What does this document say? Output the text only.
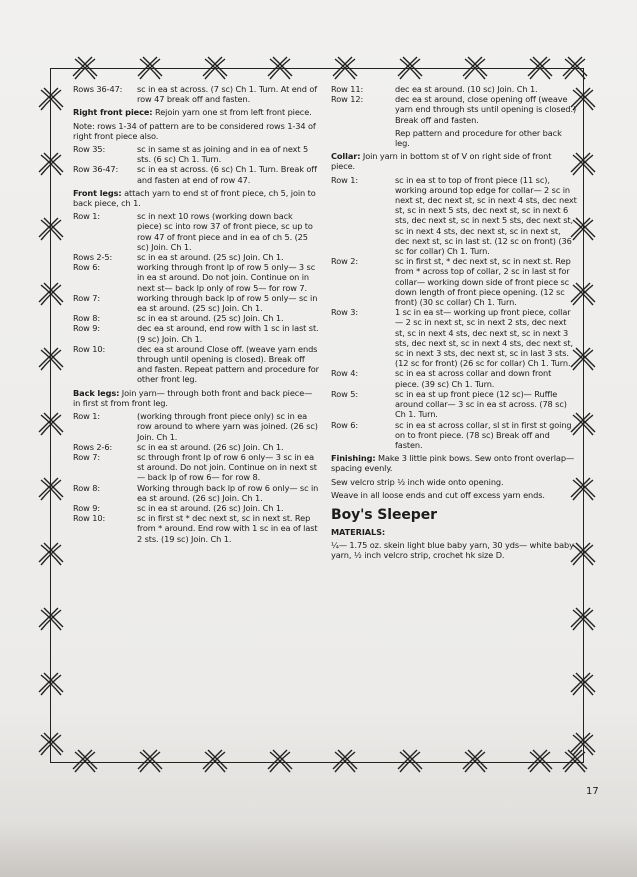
Rows 36-47:	sc in ea st across. (7 sc) Ch 1. Turn. At end of row 47 break off and fasten.
Right front piece: Rejoin yarn one st from left front piece.
Note: rows 1-34 of pattern are to be considered rows 1-34 of right front piece also.
Row 35:	sc in same st as joining and in ea of next 5 sts. (6 sc) Ch 1. Turn.
Row 36-47:	sc in ea st across. (6 sc) Ch 1. Turn. Break off and fasten at end of row 47.
Front legs: attach yarn to end st of front piece, ch 5, join to back piece, ch 1.
Row 1:	sc in next 10 rows (working down back piece) sc into row 37 of front piece, sc up to row 47 of front piece and in ea of ch 5. (25 sc) Join. Ch 1.
Rows 2-5:	sc in ea st around. (25 sc) Join. Ch 1.
Row 6:	working through front lp of row 5 only— 3 sc in ea st around. Do not join. Continue on in next st— back lp only of row 5— for row 7.
Row 7:	working through back lp of row 5 only— sc in ea st around. (25 sc) Join. Ch 1.
Row 8:	sc in ea st around. (25 sc) Join. Ch 1.
Row 9:	dec ea st around, end row with 1 sc in last st. (9 sc) Join. Ch 1.
Row 10:	dec ea st around Close off. (weave yarn ends through until opening is closed). Break off and fasten. Repeat pattern and procedure for other front leg.
Back legs: Join yarn— through both front and back piece— in first st from front leg.
Row 1:	(working through front piece only) sc in ea row around to where yarn was joined. (26 sc) Join. Ch 1.
Rows 2-6:	sc in ea st around. (26 sc) Join. Ch 1.
Row 7:	sc through front lp of row 6 only— 3 sc in ea st around. Do not join. Continue on in next st— back lp of row 6— for row 8.
Row 8:	Working through back lp of row 6 only— sc in ea st around. (26 sc) Join. Ch 1.
Row 9:	sc in ea st around. (26 sc) Join. Ch 1.
Row 10:	sc in first st * dec next st, sc in next st. Rep from * around. End row with 1 sc in ea of last 2 sts. (19 sc) Join. Ch 1.
Row 11:	dec ea st around. (10 sc) Join. Ch 1.
Row 12:	dec ea st around, close opening off (weave yarn end through sts until opening is closed.) Break off and fasten.
Rep pattern and procedure for other back leg.
Collar: Join yarn in bottom st of V on right side of front piece.
Row 1:	sc in ea st to top of front piece (11 sc), working around top edge for collar— 2 sc in next st, dec next st, sc in next 4 sts, dec next st, sc in next 5 sts, dec next st, sc in next 6 sts, dec next st, sc in next 5 sts, dec next st, sc in next 4 sts, dec next st, sc in next st, dec next st, sc in last st. (12 sc on front) (36 sc for collar) Ch 1. Turn.
Row 2:	sc in first st, * dec next st, sc in next st. Rep from * across top of collar, 2 sc in last st for collar— working down side of front piece sc down length of front piece opening. (12 sc front) (30 sc collar) Ch 1. Turn.
Row 3:	1 sc in ea st— working up front piece, collar— 2 sc in next st, sc in next 2 sts, dec next st, sc in next 4 sts, dec next st, sc in next 3 sts, dec next st, sc in next 4 sts, dec next st, sc in next 3 sts, dec next st, sc in last 3 sts. (12 sc for front) (26 sc for collar) Ch 1. Turn.
Row 4:	sc in ea st across collar and down front piece. (39 sc) Ch 1. Turn.
Row 5:	sc in ea st up front piece (12 sc)— Ruffle around collar— 3 sc in ea st across. (78 sc) Ch 1. Turn.
Row 6:	sc in ea st across collar, sl st in first st going on to front piece. (78 sc) Break off and fasten.
Finishing: Make 3 little pink bows. Sew onto front overlap— spacing evenly.
Sew velcro strip ½ inch wide onto opening.
Weave in all loose ends and cut off excess yarn ends.
Boy's Sleeper
MATERIALS:
¼— 1.75 oz. skein light blue baby yarn, 30 yds— white baby yarn, ½ inch velcro strip, crochet hk size D.
17
